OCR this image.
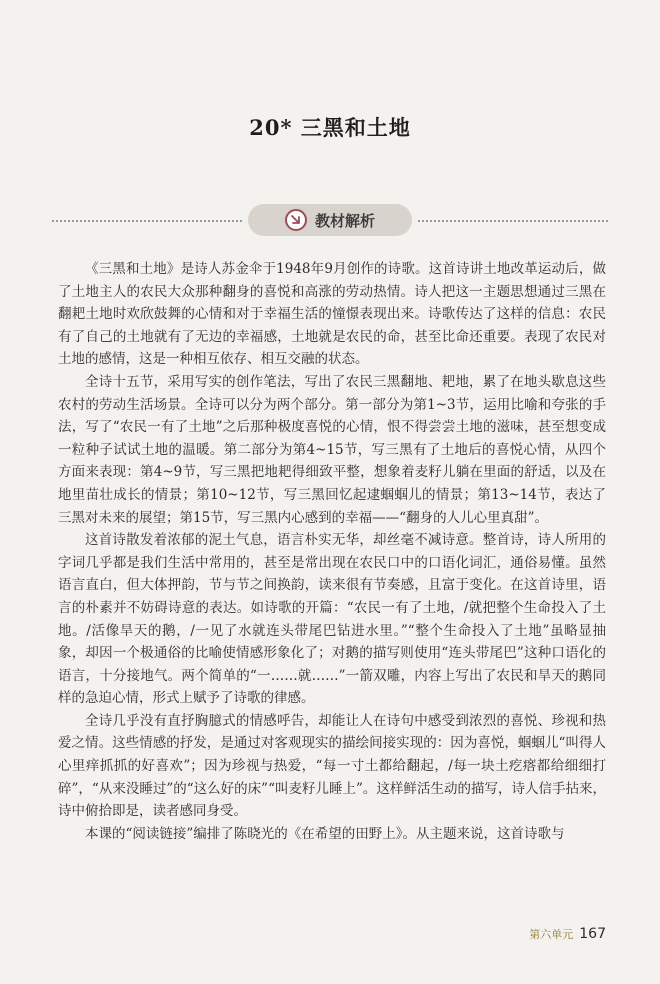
20* 三黑和土地
教材解析

《三黑和土地》是诗人苏金伞于1948年9月创作的诗歌。这首诗讲土地改革运动后，做了土地主人的农民大众那种翻身的喜悦和高涨的劳动热情。诗人把这一主题思想通过三黑在翻耙土地时欢欣鼓舞的心情和对于幸福生活的憧憬表现出来。诗歌传达了这样的信息：农民有了自己的土地就有了无边的幸福感，土地就是农民的命，甚至比命还重要。表现了农民对土地的感情，这是一种相互依存、相互交融的状态。

全诗十五节，采用写实的创作笔法，写出了农民三黑翻地、耙地，累了在地头歇息这些农村的劳动生活场景。全诗可以分为两个部分。第一部分为第1~3节，运用比喻和夸张的手法，写了“农民一有了土地”之后那种极度喜悦的心情，恨不得尝尝土地的滋味，甚至想变成一粒种子试试土地的温暖。第二部分为第4~15节，写三黑有了土地后的喜悦心情，从四个方面来表现：第4~9节，写三黑把地耙得细致平整，想象着麦籽儿躺在里面的舒适，以及在地里苗壮成长的情景；第10~12节，写三黑回忆起逮蝈蝈儿的情景；第13~14节，表达了三黑对未来的展望；第15节，写三黑内心感到的幸福——“翻身的人儿心里真甜”。

这首诗散发着浓郁的泥土气息，语言朴实无华，却丝毫不减诗意。整首诗，诗人所用的字词几乎都是我们生活中常用的，甚至是常出现在农民口中的口语化词汇，通俗易懂。虽然语言直白，但大体押韵，节与节之间换韵，读来很有节奏感，且富于变化。在这首诗里，语言的朴素并不妨碍诗意的表达。如诗歌的开篇：“农民一有了土地，/就把整个生命投入了土地。/活像旱天的鹅，/一见了水就连头带尾巴钻进水里。”“整个生命投入了土地”虽略显抽象，却因一个极通俗的比喻使情感形象化了；对鹅的描写则使用“连头带尾巴”这种口语化的语言，十分接地气。两个简单的“一……就……”一箭双雕，内容上写出了农民和旱天的鹅同样的急迫心情，形式上赋予了诗歌的律感。

全诗几乎没有直抒胸臆式的情感呼告，却能让人在诗句中感受到浓烈的喜悦、珍视和热爱之情。这些情感的抒发，是通过对客观现实的描绘间接实现的：因为喜悦，蝈蝈儿“叫得人心里痒抓抓的好喜欢”；因为珍视与热爱，“每一寸土都给翻起，/每一块土疙瘩都给细细打碎”，“从来没睡过”的“这么好的床”“叫麦籽儿睡上”。这样鲜活生动的描写，诗人信手拈来，诗中俯拾即是，读者感同身受。

本课的“阅读链接”编排了陈晓光的《在希望的田野上》。从主题来说，这首诗歌与

第六单元 167
